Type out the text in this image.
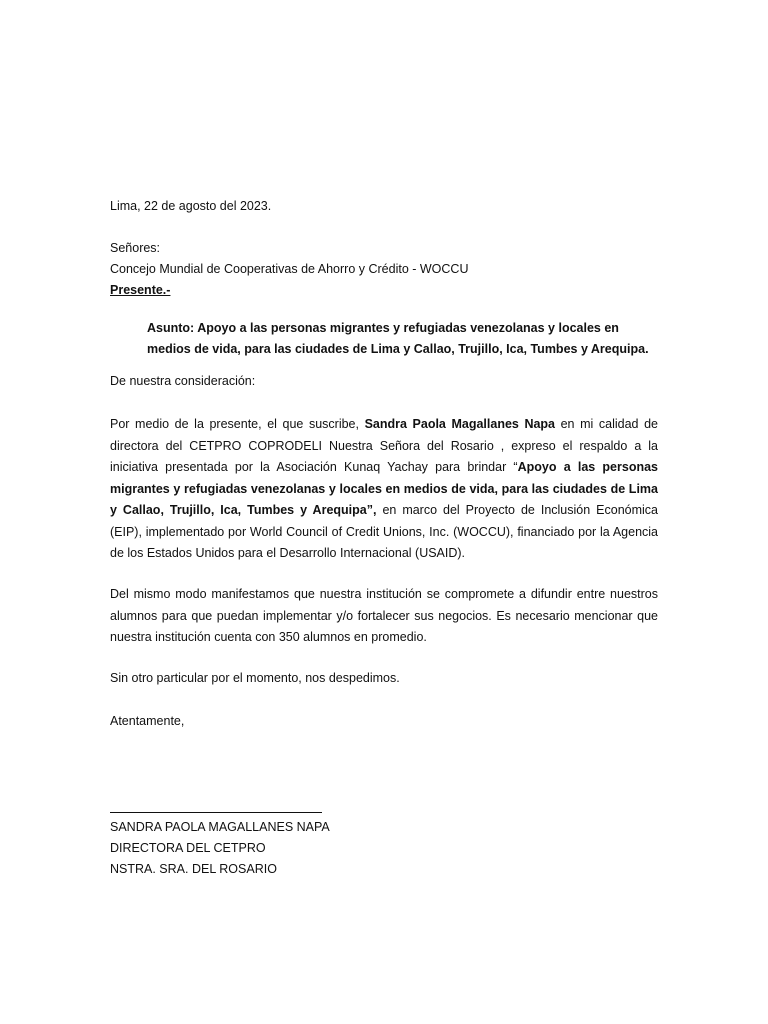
Lima, 22 de agosto del 2023.

Señores:

Concejo Mundial de Cooperativas de Ahorro y Crédito - WOCCU

Presente.-

Asunto: Apoyo a las personas migrantes y refugiadas venezolanas y locales en medios de vida, para las ciudades de Lima y Callao, Trujillo, Ica, Tumbes y Arequipa.

De nuestra consideración:

Por medio de la presente, el que suscribe, Sandra Paola Magallanes Napa en mi calidad de directora del CETPRO COPRODELI Nuestra Señora del Rosario , expreso el respaldo a la iniciativa presentada por la Asociación Kunaq Yachay para brindar “Apoyo a las personas migrantes y refugiadas venezolanas y locales en medios de vida, para las ciudades de Lima y Callao, Trujillo, Ica, Tumbes y Arequipa”, en marco del Proyecto de Inclusión Económica (EIP), implementado por World Council of Credit Unions, Inc. (WOCCU), financiado por la Agencia de los Estados Unidos para el Desarrollo Internacional (USAID).

Del mismo modo manifestamos que nuestra institución se compromete a difundir entre nuestros alumnos para que puedan implementar y/o fortalecer sus negocios. Es necesario mencionar que nuestra institución cuenta con 350 alumnos en promedio.

Sin otro particular por el momento, nos despedimos.

Atentamente,

SANDRA PAOLA MAGALLANES NAPA

DIRECTORA DEL CETPRO

NSTRA. SRA. DEL ROSARIO
